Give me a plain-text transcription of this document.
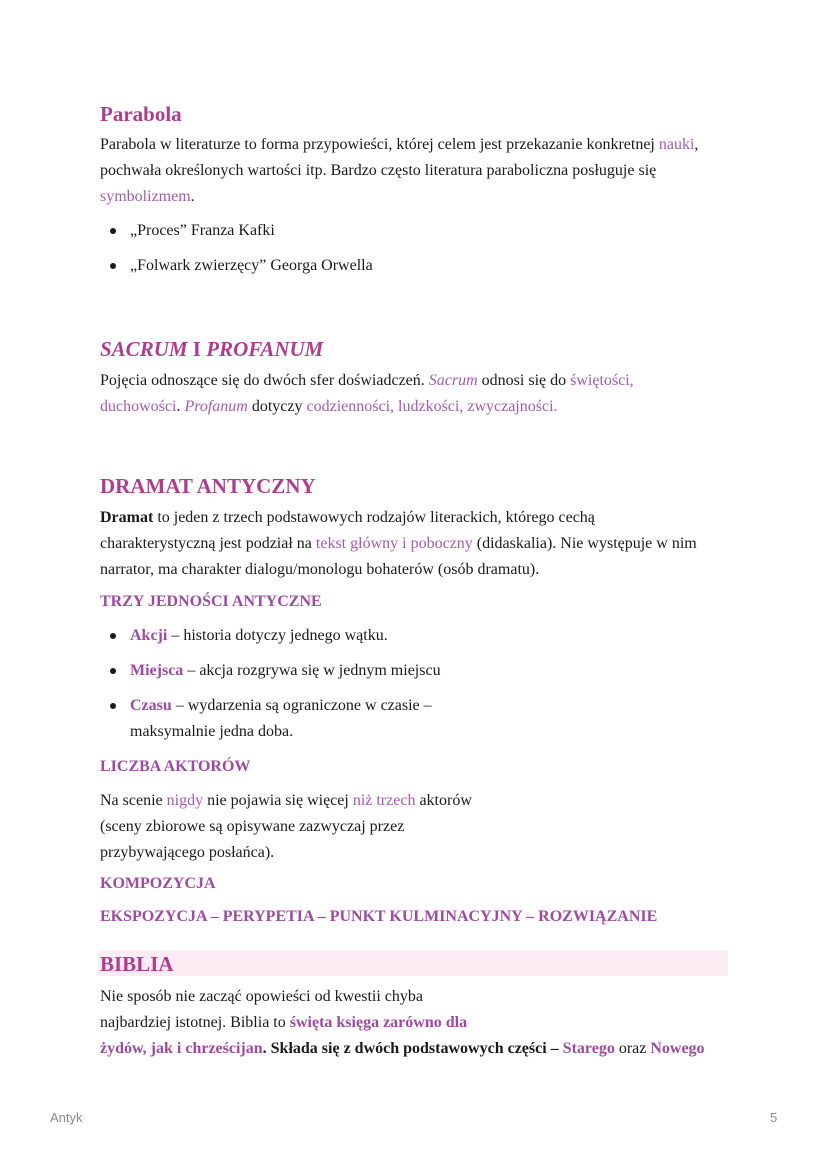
Parabola

Parabola w literaturze to forma przypowieści, której celem jest przekazanie konkretnej nauki,

pochwała określonych wartości itp. Bardzo często literatura paraboliczna posługuje się

symbolizmem.

„Proces” Franza Kafki
„Folwark zwierzęcy” Georga Orwella
SACRUM I PROFANUM

Pojęcia odnoszące się do dwóch sfer doświadczeń. Sacrum odnosi się do świętości,

duchowości. Profanum dotyczy codzienności, ludzkości, zwyczajności.

DRAMAT ANTYCZNY

Dramat to jeden z trzech podstawowych rodzajów literackich, którego cechą

charakterystyczną jest podział na tekst główny i poboczny (didaskalia). Nie występuje w nim

narrator, ma charakter dialogu/monologu bohaterów (osób dramatu).

TRZY JEDNOŚCI ANTYCZNE
Akcji – historia dotyczy jednego wątku.
Miejsca – akcja rozgrywa się w jednym miejscu
Czasu – wydarzenia są ograniczone w czasie –
maksymalnie jedna doba.
LICZBA AKTORÓW

Na scenie nigdy nie pojawia się więcej niż trzech aktorów

(sceny zbiorowe są opisywane zazwyczaj przez

przybywającego posłańca).

KOMPOZYCJA

EKSPOZYCJA – PERYPETIA – PUNKT KULMINACYJNY – ROZWIĄZANIE

BIBLIA

Nie sposób nie zacząć opowieści od kwestii chyba

najbardziej istotnej. Biblia to święta księga zarówno dla

żydów, jak i chrześcijan. Składa się z dwóch podstawowych części – Starego oraz Nowego

Antyk	5
